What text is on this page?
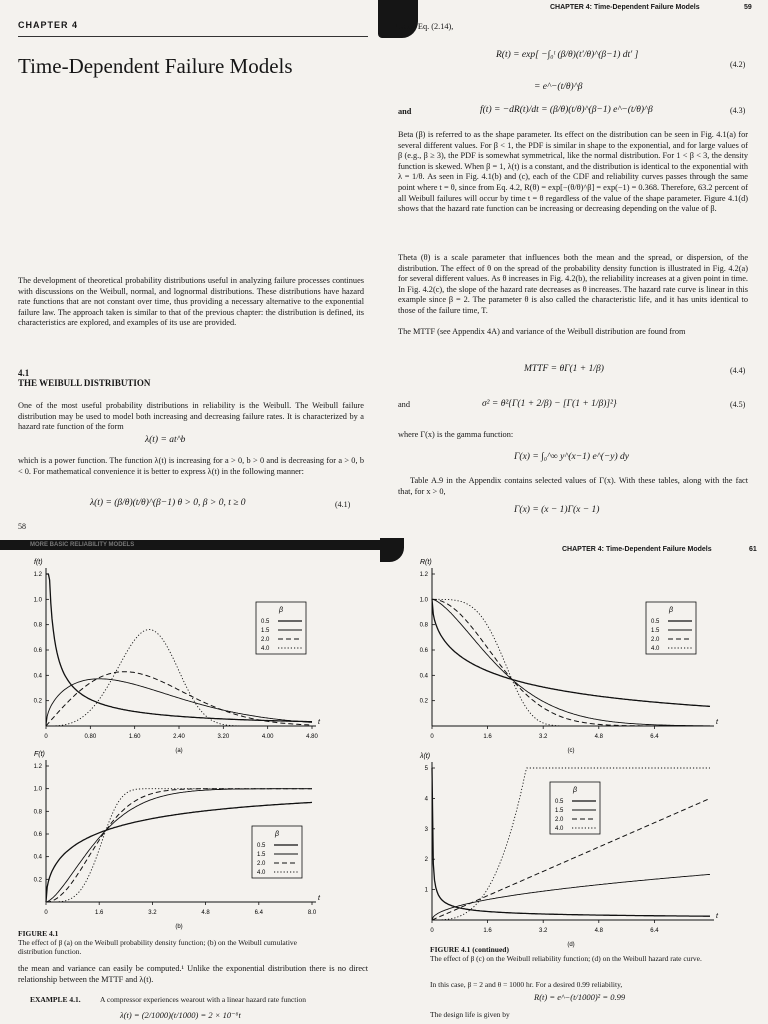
CHAPTER 4
Time-Dependent Failure Models
The development of theoretical probability distributions useful in analyzing failure processes continues with discussions on the Weibull, normal, and lognormal distributions. These distributions have hazard rate functions that are not constant over time, thus providing a necessary alternative to the exponential failure law. The approach taken is similar to that of the previous chapter: the distribution is defined, its characteristics are explored, and examples of its use are provided.
4.1
THE WEIBULL DISTRIBUTION
One of the most useful probability distributions in reliability is the Weibull. The Weibull failure distribution may be used to model both increasing and decreasing failure rates. It is characterized by a hazard rate function of the form
λ(t) = at^b
which is a power function. The function λ(t) is increasing for a > 0, b > 0 and is decreasing for a > 0, b < 0. For mathematical convenience it is better to express λ(t) in the following manner:
λ(t) = (β/θ)(t/θ)^(β−1) θ > 0, β > 0, t ≥ 0	(4.1)
58
CHAPTER 4: Time-Dependent Failure Models	59
Using Eq. (2.14),
R(t) = exp[ −∫₀ᵗ (β/θ)(t′/θ)^(β−1) dt′ ]
= e^−(t/θ)^β
(4.2)
and	f(t) = −dR(t)/dt = (β/θ)(t/θ)^(β−1) e^−(t/θ)^β	(4.3)
Beta (β) is referred to as the shape parameter. Its effect on the distribution can be seen in Fig. 4.1(a) for several different values. For β < 1, the PDF is similar in shape to the exponential, and for large values of β (e.g., β ≥ 3), the PDF is somewhat symmetrical, like the normal distribution. For 1 < β < 3, the density function is skewed. When β = 1, λ(t) is a constant, and the distribution is identical to the exponential with λ = 1/θ. As seen in Fig. 4.1(b) and (c), each of the CDF and reliability curves passes through the same point where t = θ, since from Eq. 4.2, R(θ) = exp[−(θ/θ)^β] = exp(−1) = 0.368. Therefore, 63.2 percent of all Weibull failures will occur by time t = θ regardless of the value of the shape parameter. Figure 4.1(d) shows that the hazard rate function can be increasing or decreasing depending on the value of β.
Theta (θ) is a scale parameter that influences both the mean and the spread, or dispersion, of the distribution. The effect of θ on the spread of the probability density function is illustrated in Fig. 4.2(a) for several different values. As θ increases in Fig. 4.2(b), the reliability increases at a given point in time. In Fig. 4.2(c), the slope of the hazard rate decreases as θ increases. The hazard rate curve is linear in this example since β = 2. The parameter θ is also called the characteristic life, and it has units identical to those of the failure time, T.
The MTTF (see Appendix 4A) and variance of the Weibull distribution are found from
MTTF = θΓ(1 + 1/β)	(4.4)
and	σ² = θ²{Γ(1 + 2/β) − [Γ(1 + 1/β)]²}	(4.5)
where Γ(x) is the gamma function:
Γ(x) = ∫₀^∞ y^(x−1) e^(−y) dy
Table A.9 in the Appendix contains selected values of Γ(x). With these tables, along with the fact that, for x > 0,
Γ(x) = (x − 1)Γ(x − 1)
MORE BASIC RELIABILITY MODELS
f(t)
t
0	0.80	1.60	2.40	3.20	4.00	4.80
1.2
1.0
0.8
0.6
0.4
0.2
(a)
β
0.5
1.5
2.0
4.0
F(t)
t
0	1.6	3.2	4.8	6.4	8.0
1.2
1.0
0.8
0.6
0.4
0.2
(b)
β
0.5
1.5
2.0
4.0
FIGURE 4.1
The effect of β (a) on the Weibull probability density function; (b) on the Weibull cumulative distribution function.
the mean and variance can easily be computed.¹ Unlike the exponential distribution there is no direct relationship between the MTTF and λ(t).
EXAMPLE 4.1.	A compressor experiences wearout with a linear hazard rate function
λ(t) = (2/1000)(t/1000) = 2 × 10⁻⁶t
CHAPTER 4: Time-Dependent Failure Models	61
R(t)
t
0	1.6	3.2	4.8	6.4
1.2
1.0
0.8
0.6
0.4
0.2
(c)
β
0.5
1.5
2.0
4.0
λ(t)
t
0	1.6	3.2	4.8	6.4
5
4
3
2
1
(d)
β
0.5
1.5
2.0
4.0
FIGURE 4.1 (continued)
The effect of β (c) on the Weibull reliability function; (d) on the Weibull hazard rate curve.
In this case, β = 2 and θ = 1000 hr. For a desired 0.99 reliability,
R(t) = e^−(t/1000)² = 0.99
The design life is given by
